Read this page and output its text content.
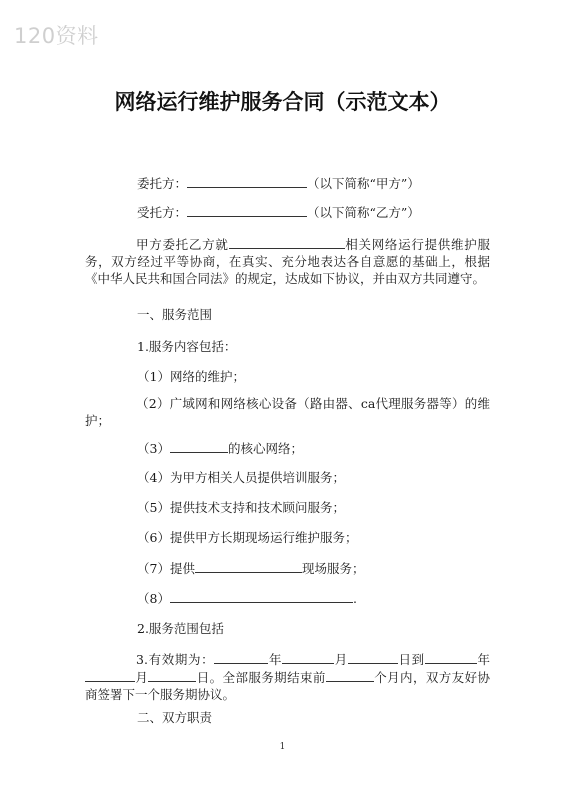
120资料
网络运行维护服务合同（示范文本）
委托方：	（以下简称“甲方”）
受托方：	（以下简称“乙方”）
甲方委托乙方就	相关网络运行提供维护服务，双方经过平等协商，在真实、充分地表达各自意愿的基础上，根据《中华人民共和国合同法》的规定，达成如下协议，并由双方共同遵守。
一、服务范围
1.服务内容包括：
（1）网络的维护；
（2）广域网和网络核心设备（路由器、ca代理服务器等）的维护；
（3）	的核心网络；
（4）为甲方相关人员提供培训服务；
（5）提供技术支持和技术顾问服务；
（6）提供甲方长期现场运行维护服务；
（7）提供	现场服务；
（8）	.
2.服务范围包括
3.有效期为：	年	月	日到	年月	日。全部服务期结束前	个月内，双方友好协商签署下一个服务期协议。
二、双方职责
1
